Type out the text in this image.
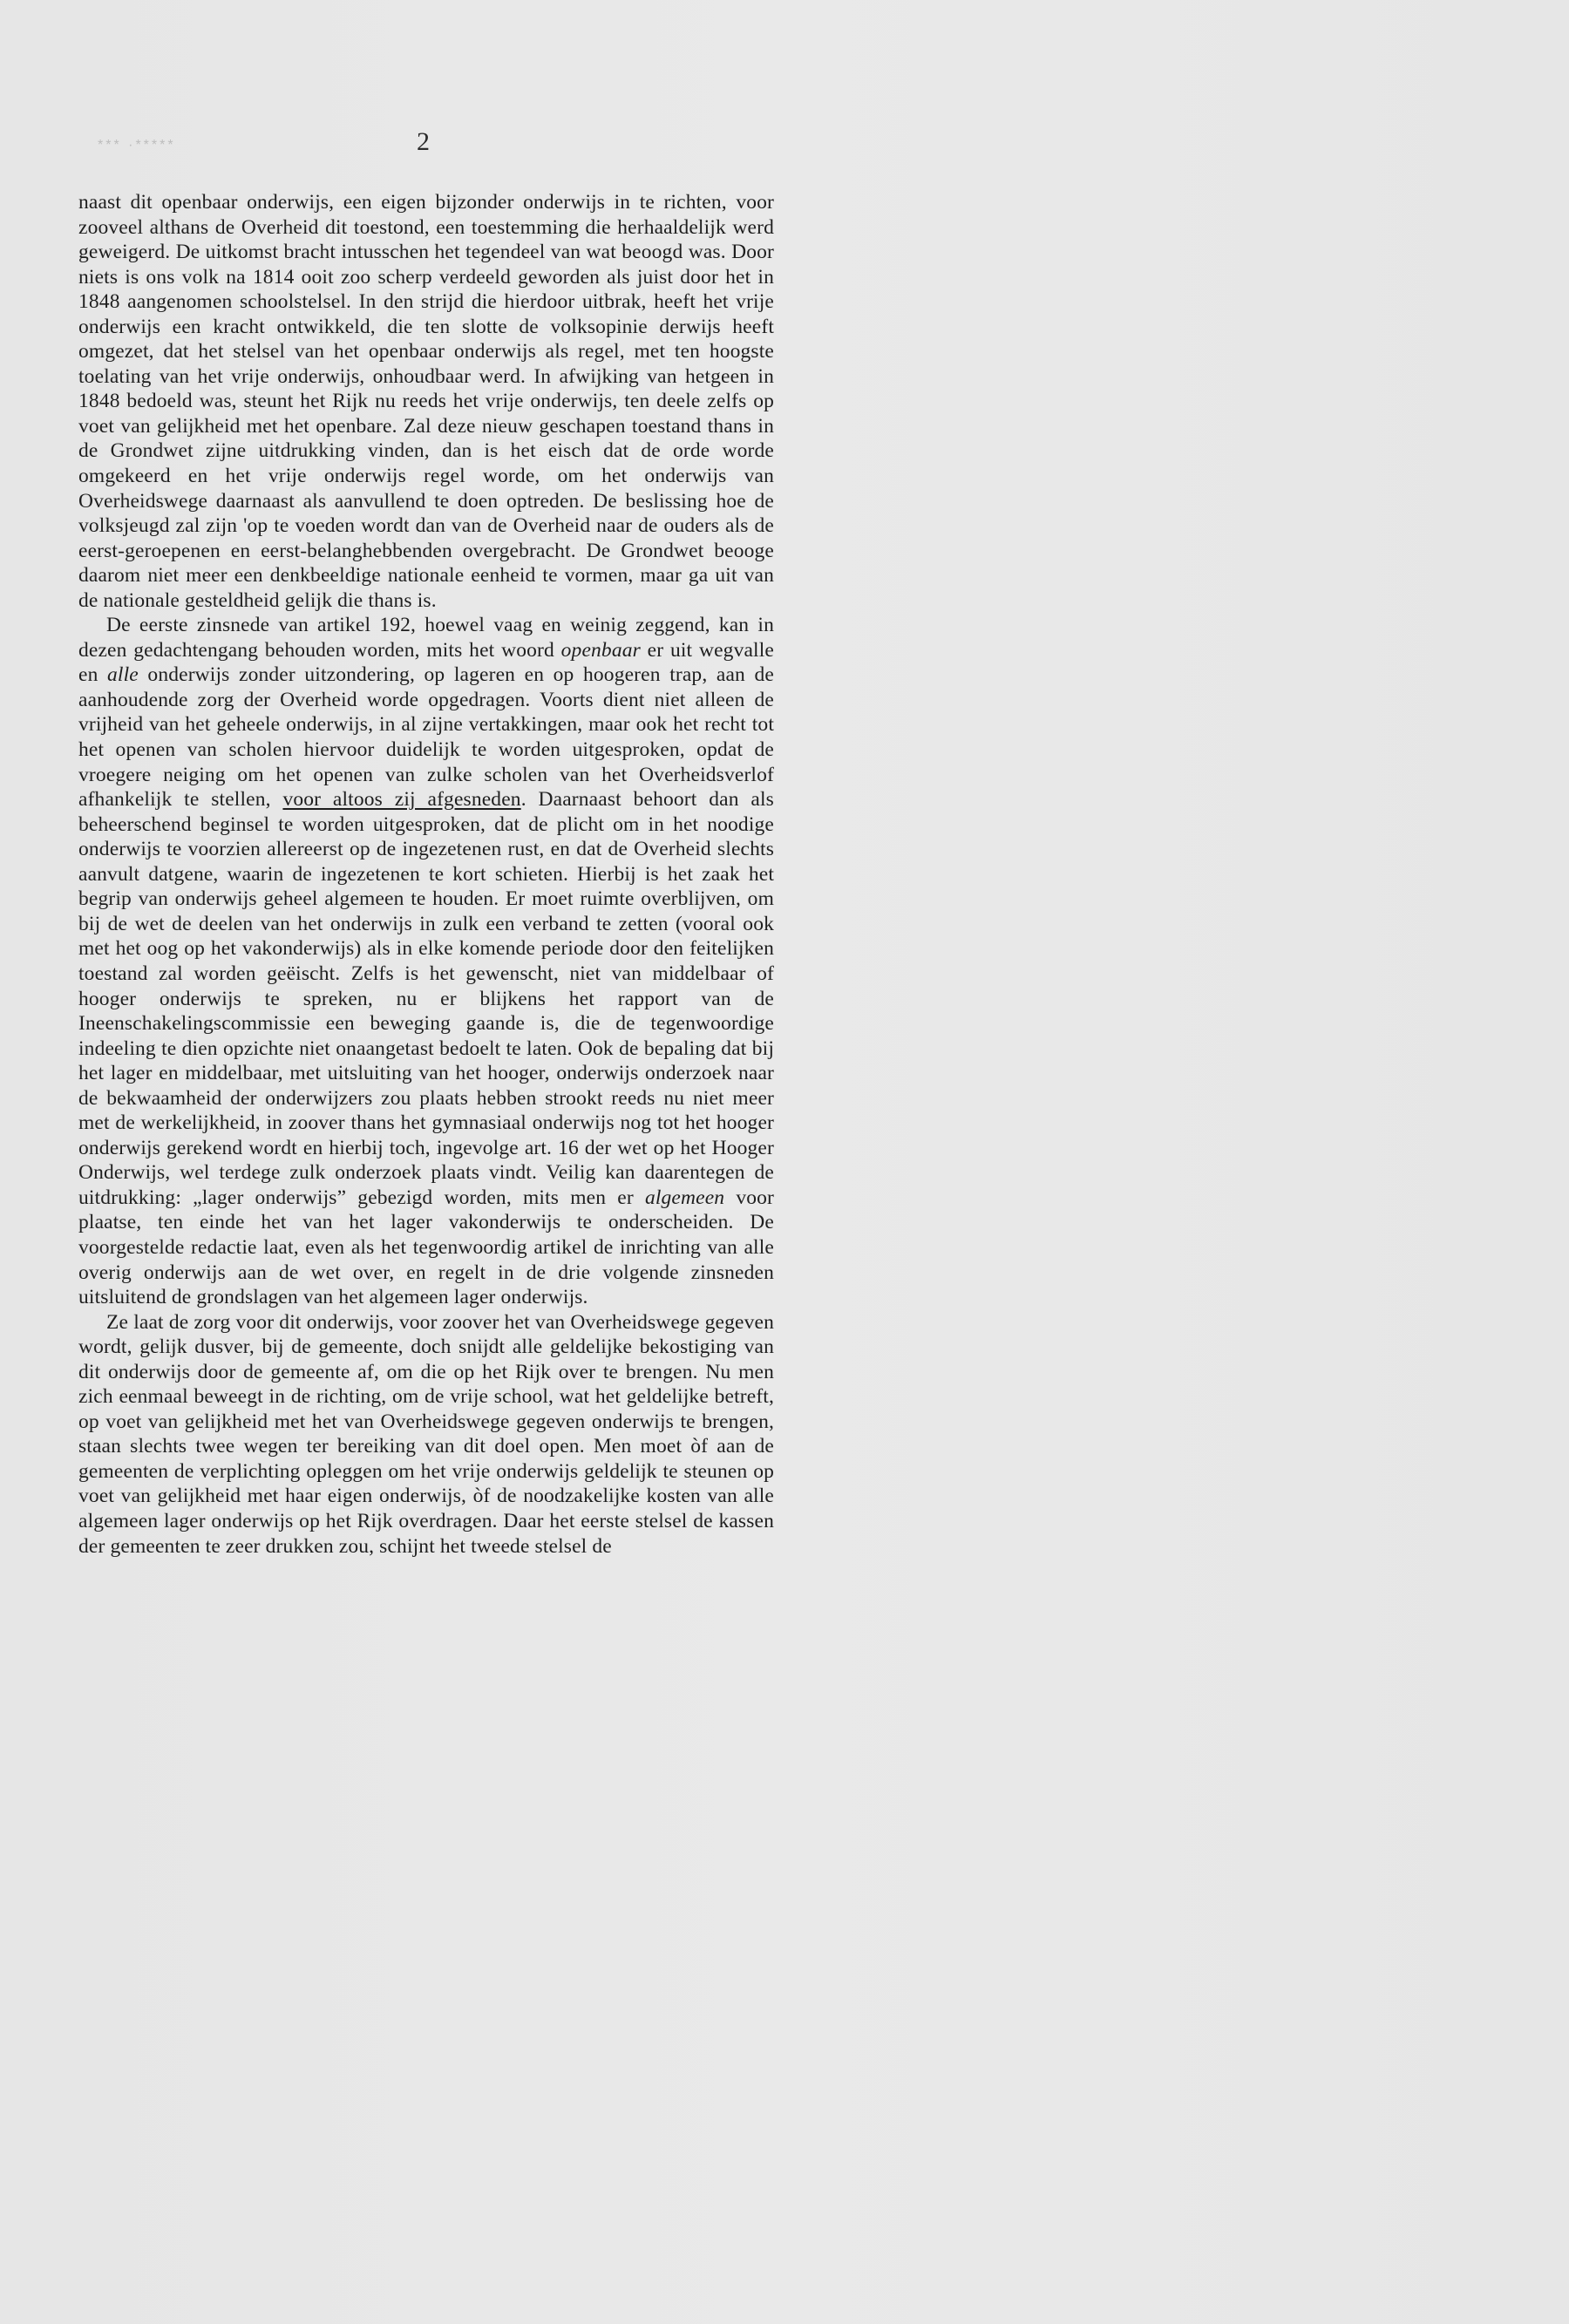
*** ·*****	2

naast dit openbaar onderwijs, een eigen bijzonder onderwijs in te richten, voor zooveel althans de Overheid dit toestond, een toestemming die herhaaldelijk werd geweigerd. De uitkomst bracht intusschen het tegendeel van wat beoogd was. Door niets is ons volk na 1814 ooit zoo scherp verdeeld geworden als juist door het in 1848 aangenomen schoolstelsel. In den strijd die hierdoor uitbrak, heeft het vrije onderwijs een kracht ontwikkeld, die ten slotte de volksopinie derwijs heeft omgezet, dat het stelsel van het openbaar onderwijs als regel, met ten hoogste toelating van het vrije onderwijs, onhoudbaar werd. In afwijking van hetgeen in 1848 bedoeld was, steunt het Rijk nu reeds het vrije onderwijs, ten deele zelfs op voet van gelijkheid met het openbare. Zal deze nieuw geschapen toestand thans in de Grondwet zijne uitdrukking vinden, dan is het eisch dat de orde worde omgekeerd en het vrije onderwijs regel worde, om het onderwijs van Overheidswege daarnaast als aanvullend te doen optreden. De beslissing hoe de volksjeugd zal zijn 'op te voeden wordt dan van de Overheid naar de ouders als de eerst-geroepenen en eerst-belanghebbenden overgebracht. De Grondwet beooge daarom niet meer een denkbeeldige nationale eenheid te vormen, maar ga uit van de nationale gesteldheid gelijk die thans is.

De eerste zinsnede van artikel 192, hoewel vaag en weinig zeggend, kan in dezen gedachtengang behouden worden, mits het woord openbaar er uit wegvalle en alle onderwijs zonder uitzondering, op lageren en op hoogeren trap, aan de aanhoudende zorg der Overheid worde opgedragen. Voorts dient niet alleen de vrijheid van het geheele onderwijs, in al zijne vertakkingen, maar ook het recht tot het openen van scholen hiervoor duidelijk te worden uitgesproken, opdat de vroegere neiging om het openen van zulke scholen van het Overheidsverlof afhankelijk te stellen, voor altoos zij afgesneden. Daarnaast behoort dan als beheerschend beginsel te worden uitgesproken, dat de plicht om in het noodige onderwijs te voorzien allereerst op de ingezetenen rust, en dat de Overheid slechts aanvult datgene, waarin de ingezetenen te kort schieten. Hierbij is het zaak het begrip van onderwijs geheel algemeen te houden. Er moet ruimte overblijven, om bij de wet de deelen van het onderwijs in zulk een verband te zetten (vooral ook met het oog op het vakonderwijs) als in elke komende periode door den feitelijken toestand zal worden geëischt. Zelfs is het gewenscht, niet van middelbaar of hooger onderwijs te spreken, nu er blijkens het rapport van de Ineenschakelingscommissie een beweging gaande is, die de tegenwoordige indeeling te dien opzichte niet onaangetast bedoelt te laten. Ook de bepaling dat bij het lager en middelbaar, met uitsluiting van het hooger, onderwijs onderzoek naar de bekwaamheid der onderwijzers zou plaats hebben strookt reeds nu niet meer met de werkelijkheid, in zoover thans het gymnasiaal onderwijs nog tot het hooger onderwijs gerekend wordt en hierbij toch, ingevolge art. 16 der wet op het Hooger Onderwijs, wel terdege zulk onderzoek plaats vindt. Veilig kan daarentegen de uitdrukking: „lager onderwijs” gebezigd worden, mits men er algemeen voor plaatse, ten einde het van het lager vakonderwijs te onderscheiden. De voorgestelde redactie laat, even als het tegenwoordig artikel de inrichting van alle overig onderwijs aan de wet over, en regelt in de drie volgende zinsneden uitsluitend de grondslagen van het algemeen lager onderwijs.

Ze laat de zorg voor dit onderwijs, voor zoover het van Overheidswege gegeven wordt, gelijk dusver, bij de gemeente, doch snijdt alle geldelijke bekostiging van dit onderwijs door de gemeente af, om die op het Rijk over te brengen. Nu men zich eenmaal beweegt in de richting, om de vrije school, wat het geldelijke betreft, op voet van gelijkheid met het van Overheidswege gegeven onderwijs te brengen, staan slechts twee wegen ter bereiking van dit doel open. Men moet òf aan de gemeenten de verplichting opleggen om het vrije onderwijs geldelijk te steunen op voet van gelijkheid met haar eigen onderwijs, òf de noodzakelijke kosten van alle algemeen lager onderwijs op het Rijk overdragen. Daar het eerste stelsel de kassen der gemeenten te zeer drukken zou, schijnt het tweede stelsel de
